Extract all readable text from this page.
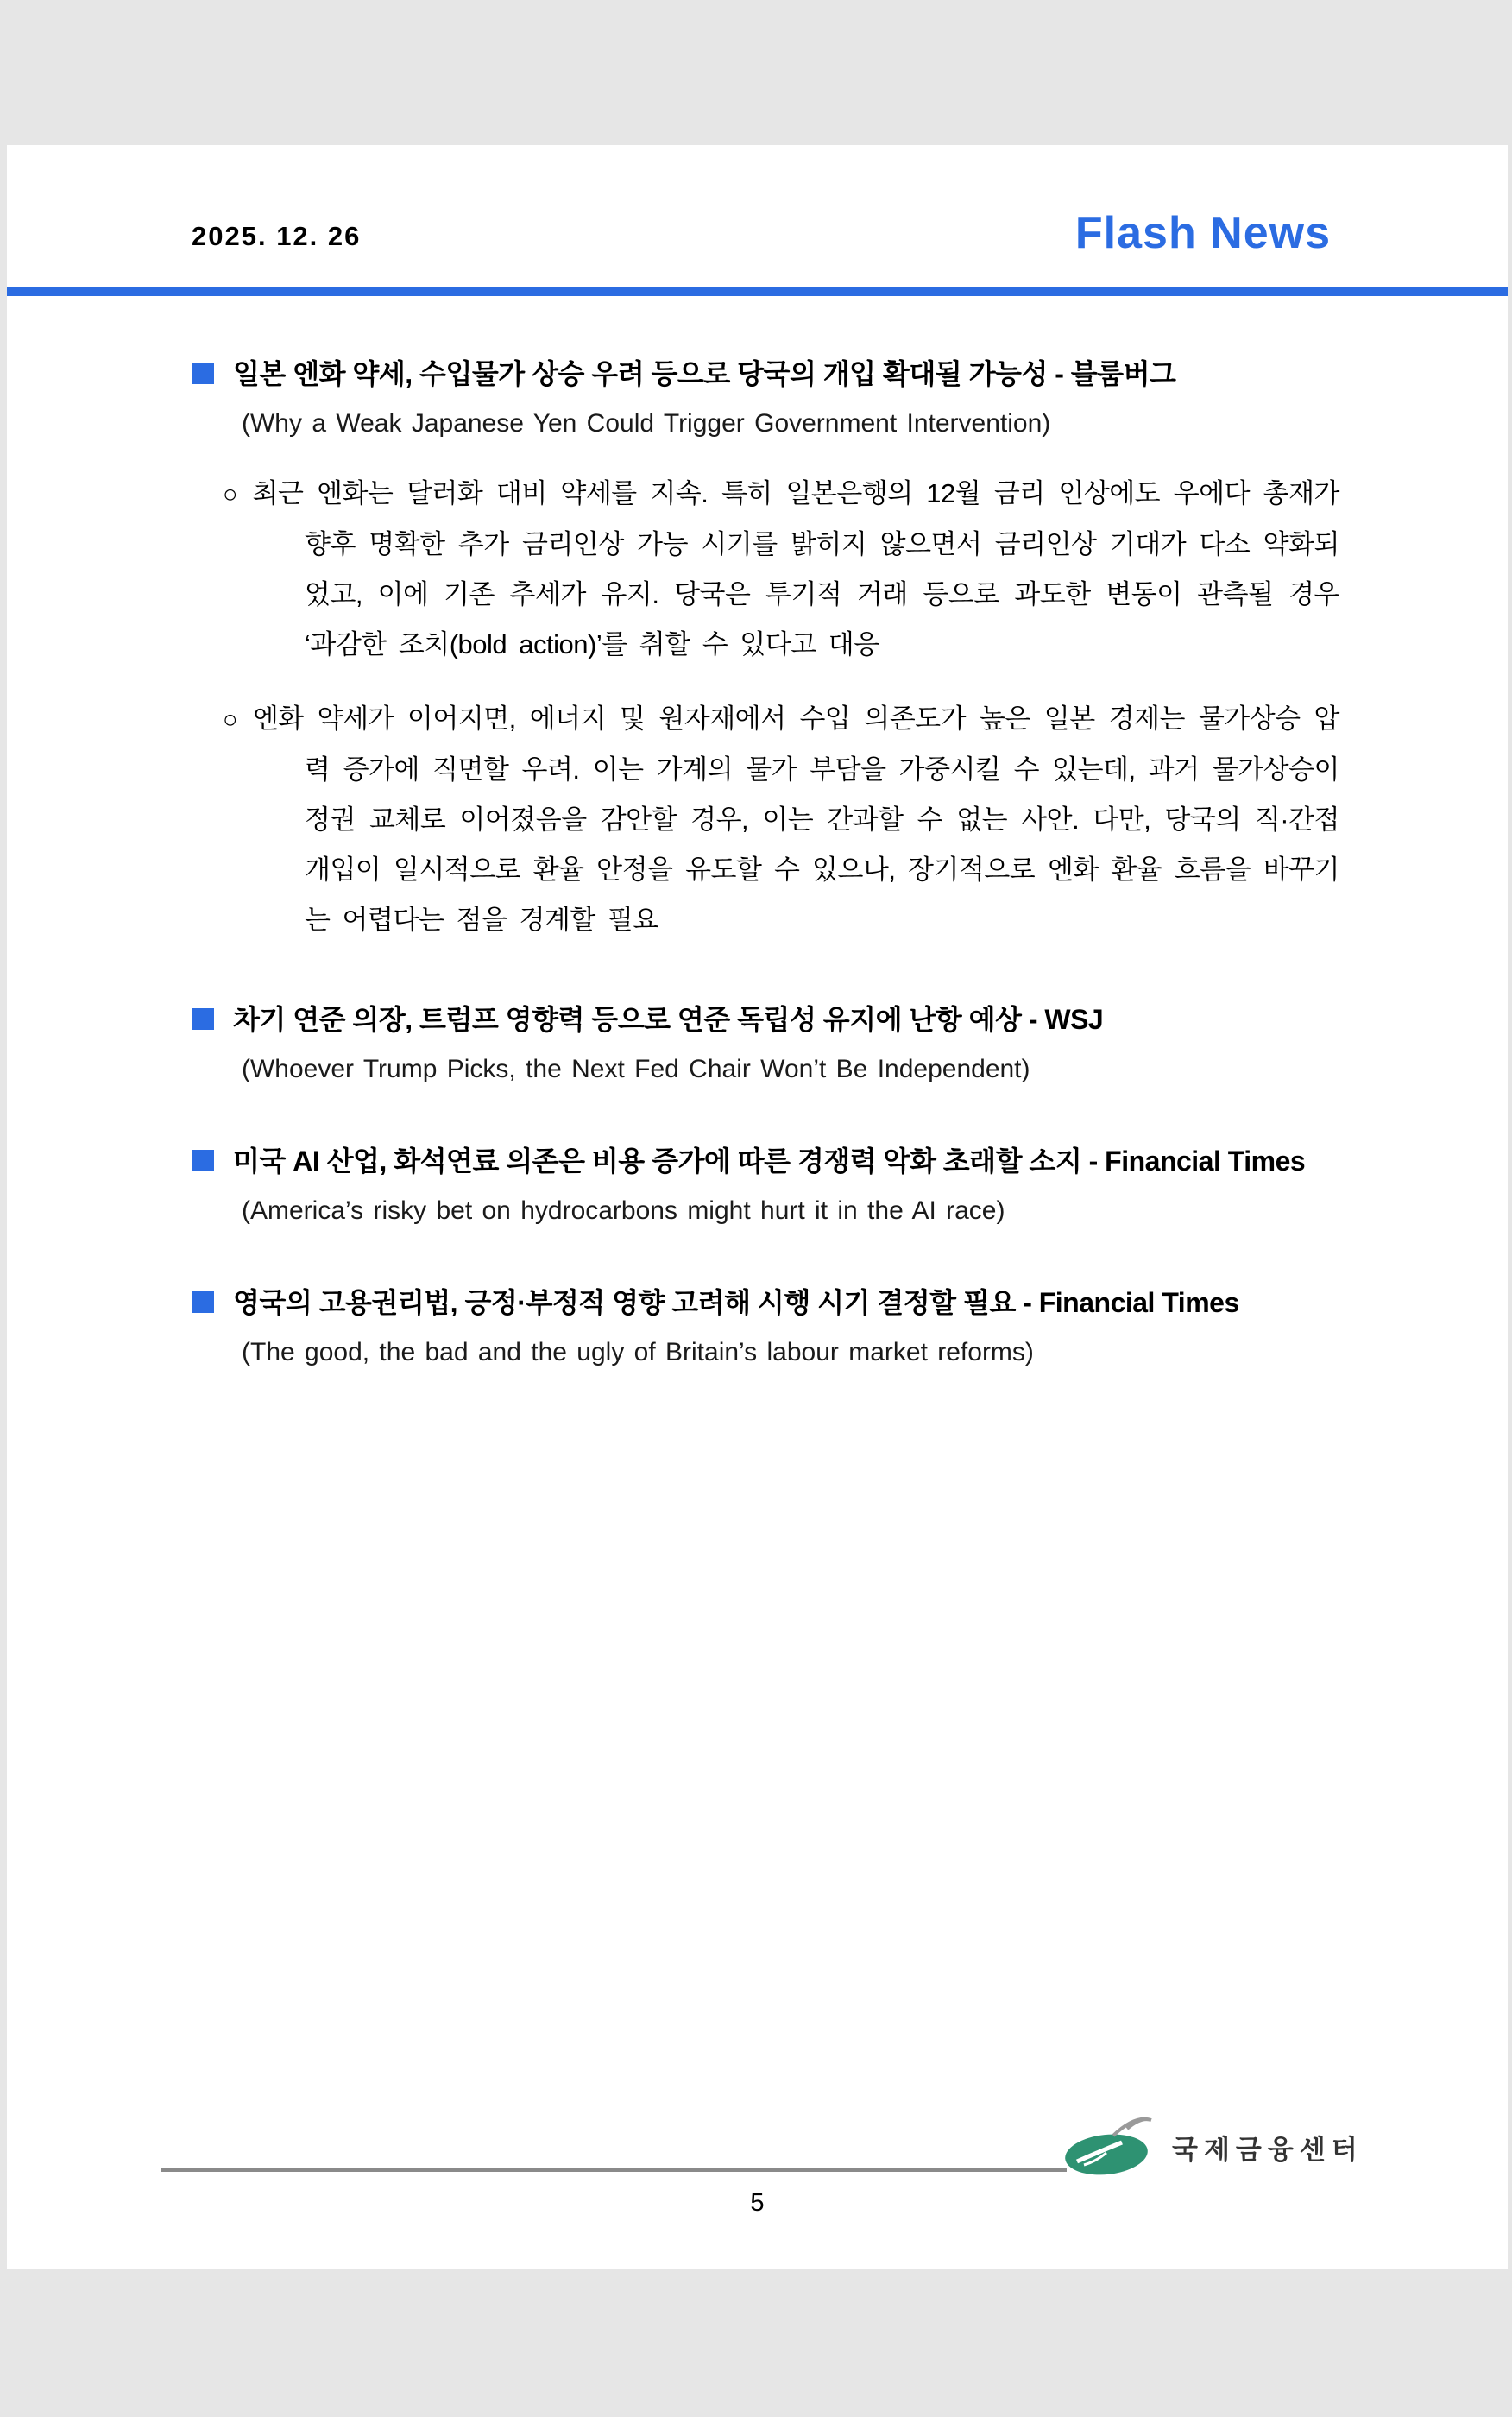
2025. 12. 26	Flash News
일본 엔화 약세, 수입물가 상승 우려 등으로 당국의 개입 확대될 가능성 - 블룸버그
(Why a Weak Japanese Yen Could Trigger Government Intervention)

○ 최근 엔화는 달러화 대비 약세를 지속. 특히 일본은행의 12월 금리 인상에도 우에다 총재가 향후 명확한 추가 금리인상 가능 시기를 밝히지 않으면서 금리인상 기대가 다소 약화되었고, 이에 기존 추세가 유지. 당국은 투기적 거래 등으로 과도한 변동이 관측될 경우 ‘과감한 조치(bold action)’를 취할 수 있다고 대응

○ 엔화 약세가 이어지면, 에너지 및 원자재에서 수입 의존도가 높은 일본 경제는 물가상승 압력 증가에 직면할 우려. 이는 가계의 물가 부담을 가중시킬 수 있는데, 과거 물가상승이 정권 교체로 이어졌음을 감안할 경우, 이는 간과할 수 없는 사안. 다만, 당국의 직·간접 개입이 일시적으로 환율 안정을 유도할 수 있으나, 장기적으로 엔화 환율 흐름을 바꾸기는 어렵다는 점을 경계할 필요

차기 연준 의장, 트럼프 영향력 등으로 연준 독립성 유지에 난항 예상 - WSJ
(Whoever Trump Picks, the Next Fed Chair Won’t Be Independent)
미국 AI 산업, 화석연료 의존은 비용 증가에 따른 경쟁력 악화 초래할 소지 - Financial Times
(America’s risky bet on hydrocarbons might hurt it in the AI race)
영국의 고용권리법, 긍정·부정적 영향 고려해 시행 시기 결정할 필요 - Financial Times
(The good, the bad and the ugly of Britain’s labour market reforms)
국제금융센터
5
